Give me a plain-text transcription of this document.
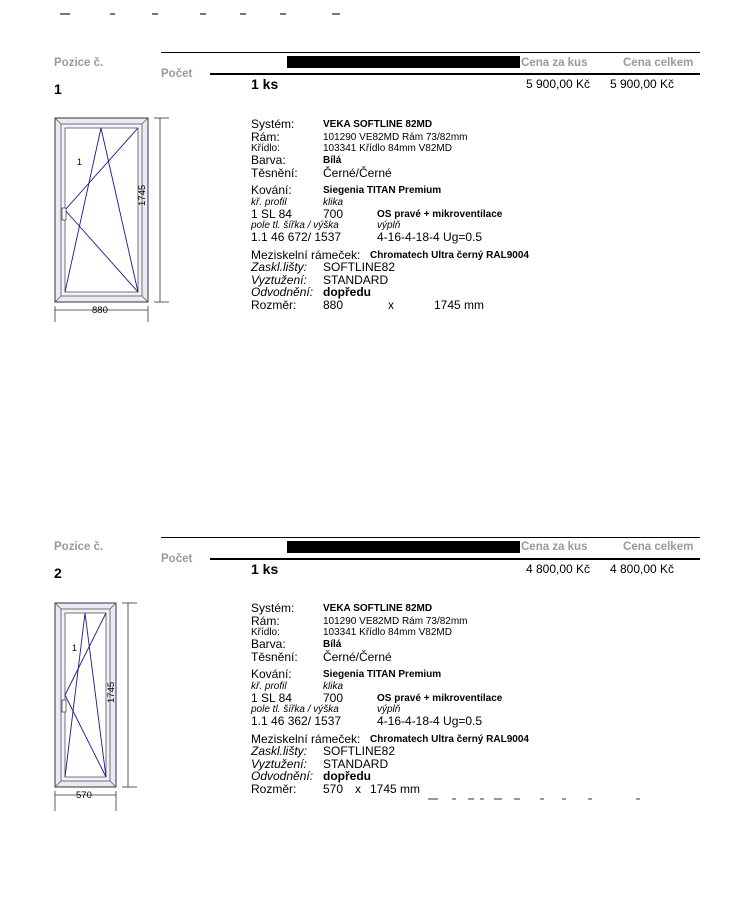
Pozice č.
1
Počet
Cena za kus	Cena celkem
1 ks	5 900,00 Kč 5 900,00 Kč
1
880
1745
Systém:	VEKA SOFTLINE 82MD
Rám:	101290 VE82MD Rám 73/82mm
Křídlo:	103341 Křídlo 84mm V82MD
Barva:	Bílá
Těsnění: Černé/Černé
Kování:	Siegenia TITAN Premium
kř. profil	klika
1 SL 84	700	OS pravé + mikroventilace
pole tl. šířka / výška	výplň
1.1 46 672/ 1537	4-16-4-18-4 Ug=0.5
Meziskelní rámeček: Chromatech Ultra černý RAL9004
Zaskl.lišty: SOFTLINE82
Vyztužení: STANDARD
Odvodnění: dopředu
Rozměr: 880	x	1745 mm
Pozice č.
2
Počet
Cena za kus	Cena celkem
1 ks	4 800,00 Kč 4 800,00 Kč
1
570
1745
Systém:	VEKA SOFTLINE 82MD
Rám:	101290 VE82MD Rám 73/82mm
Křídlo:	103341 Křídlo 84mm V82MD
Barva:	Bílá
Těsnění: Černé/Černé
Kování:	Siegenia TITAN Premium
kř. profil	klika
1 SL 84	700	OS pravé + mikroventilace
pole tl. šířka / výška	výplň
1.1 46 362/ 1537	4-16-4-18-4 Ug=0.5
Meziskelní rámeček: Chromatech Ultra černý RAL9004
Zaskl.lišty: SOFTLINE82
Vyztužení: STANDARD
Odvodnění: dopředu
Rozměr: 570 x 1745 mm
